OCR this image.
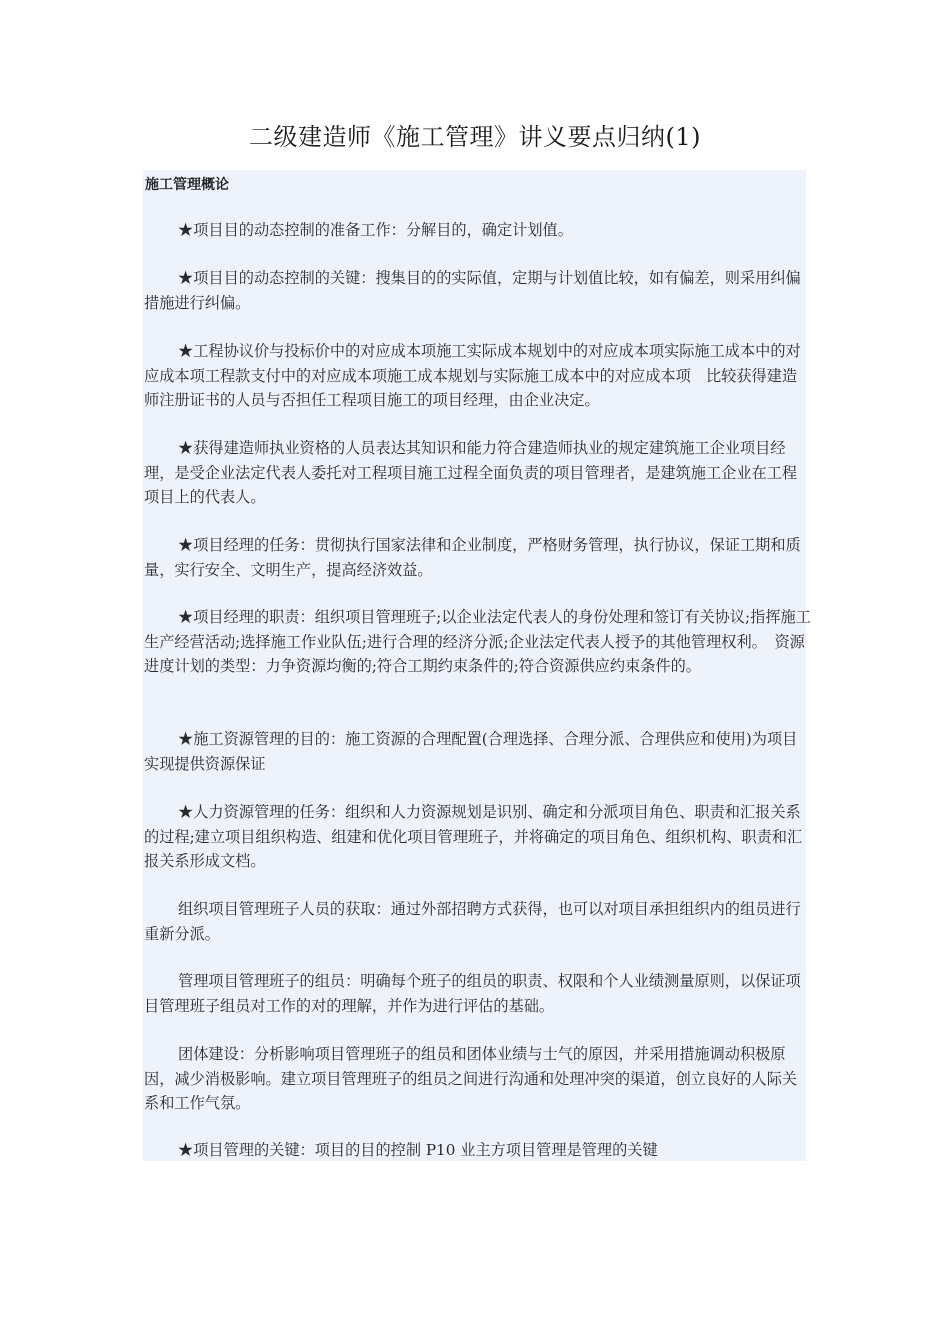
二级建造师《施工管理》讲义要点归纳(1)
施工管理概论

★项目目的动态控制的准备工作：分解目的，确定计划值。

★项目目的动态控制的关键：搜集目的的实际值，定期与计划值比较，如有偏差，则采用纠偏措施进行纠偏。

★工程协议价与投标价中的对应成本项施工实际成本规划中的对应成本项实际施工成本中的对应成本项工程款支付中的对应成本项施工成本规划与实际施工成本中的对应成本项　比较获得建造师注册证书的人员与否担任工程项目施工的项目经理，由企业决定。

★获得建造师执业资格的人员表达其知识和能力符合建造师执业的规定建筑施工企业项目经理，是受企业法定代表人委托对工程项目施工过程全面负责的项目管理者，是建筑施工企业在工程项目上的代表人。

★项目经理的任务：贯彻执行国家法律和企业制度，严格财务管理，执行协议，保证工期和质量，实行安全、文明生产，提高经济效益。

★项目经理的职责：组织项目管理班子;以企业法定代表人的身份处理和签订有关协议;指挥施工生产经营活动;选择施工作业队伍;进行合理的经济分派;企业法定代表人授予的其他管理权利。　资源进度计划的类型：力争资源均衡的;符合工期约束条件的;符合资源供应约束条件的。

★施工资源管理的目的：施工资源的合理配置(合理选择、合理分派、合理供应和使用)为项目实现提供资源保证

★人力资源管理的任务：组织和人力资源规划是识别、确定和分派项目角色、职责和汇报关系的过程;建立项目组织构造、组建和优化项目管理班子，并将确定的项目角色、组织机构、职责和汇报关系形成文档。

组织项目管理班子人员的获取：通过外部招聘方式获得，也可以对项目承担组织内的组员进行重新分派。

管理项目管理班子的组员：明确每个班子的组员的职责、权限和个人业绩测量原则，以保证项目管理班子组员对工作的对的理解，并作为进行评估的基础。

团体建设：分析影响项目管理班子的组员和团体业绩与士气的原因，并采用措施调动积极原因，减少消极影响。建立项目管理班子的组员之间进行沟通和处理冲突的渠道，创立良好的人际关系和工作气氛。

★项目管理的关键：项目的目的控制 P10 业主方项目管理是管理的关键
